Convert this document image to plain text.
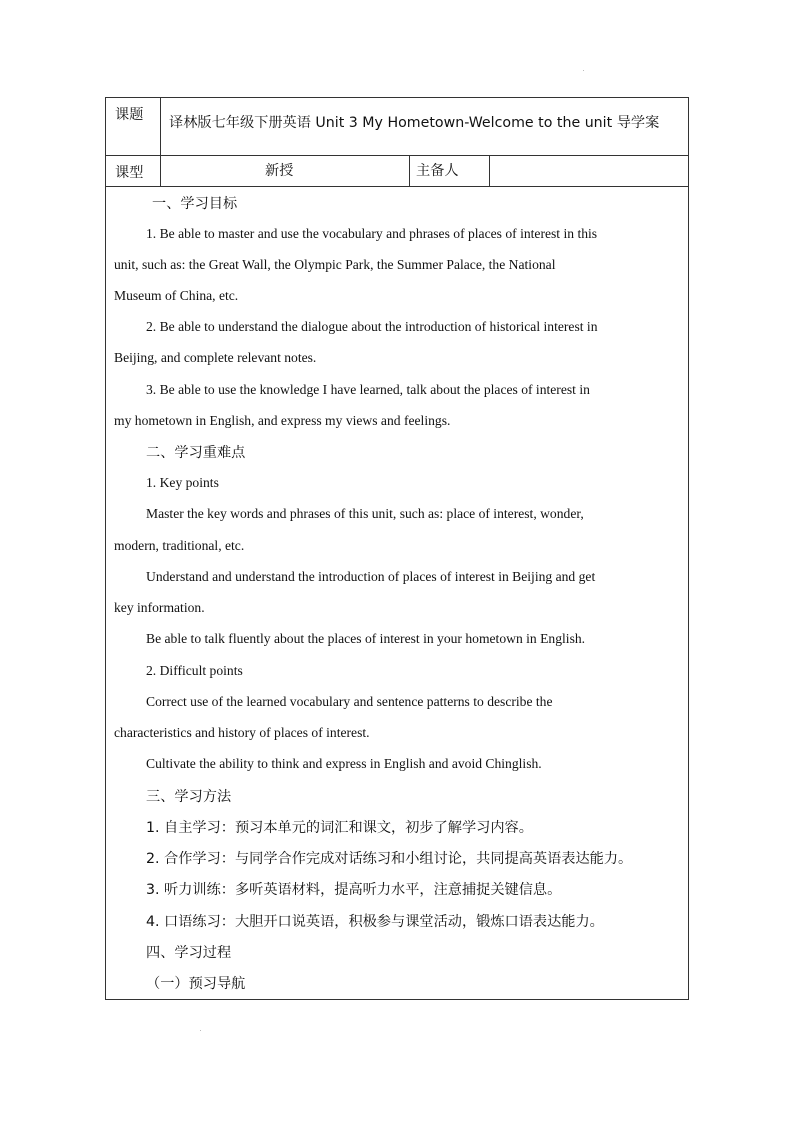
课题 译林版七年级下册英语 Unit 3 My Hometown-Welcome to the unit 导学案
课型	新授	主备人
一、学习目标
1. Be able to master and use the vocabulary and phrases of places of interest in this
unit, such as: the Great Wall, the Olympic Park, the Summer Palace, the National
Museum of China, etc.
2. Be able to understand the dialogue about the introduction of historical interest in
Beijing, and complete relevant notes.
3. Be able to use the knowledge I have learned, talk about the places of interest in
my hometown in English, and express my views and feelings.
二、学习重难点
1. Key points
Master the key words and phrases of this unit, such as: place of interest, wonder,
modern, traditional, etc.
Understand and understand the introduction of places of interest in Beijing and get
key information.
Be able to talk fluently about the places of interest in your hometown in English.
2. Difficult points
Correct use of the learned vocabulary and sentence patterns to describe the
characteristics and history of places of interest.
Cultivate the ability to think and express in English and avoid Chinglish.
三、学习方法
1. 自主学习：预习本单元的词汇和课文，初步了解学习内容。
2. 合作学习：与同学合作完成对话练习和小组讨论，共同提高英语表达能力。
3. 听力训练：多听英语材料，提高听力水平，注意捕捉关键信息。
4. 口语练习：大胆开口说英语，积极参与课堂活动，锻炼口语表达能力。
四、学习过程
（一）预习导航
